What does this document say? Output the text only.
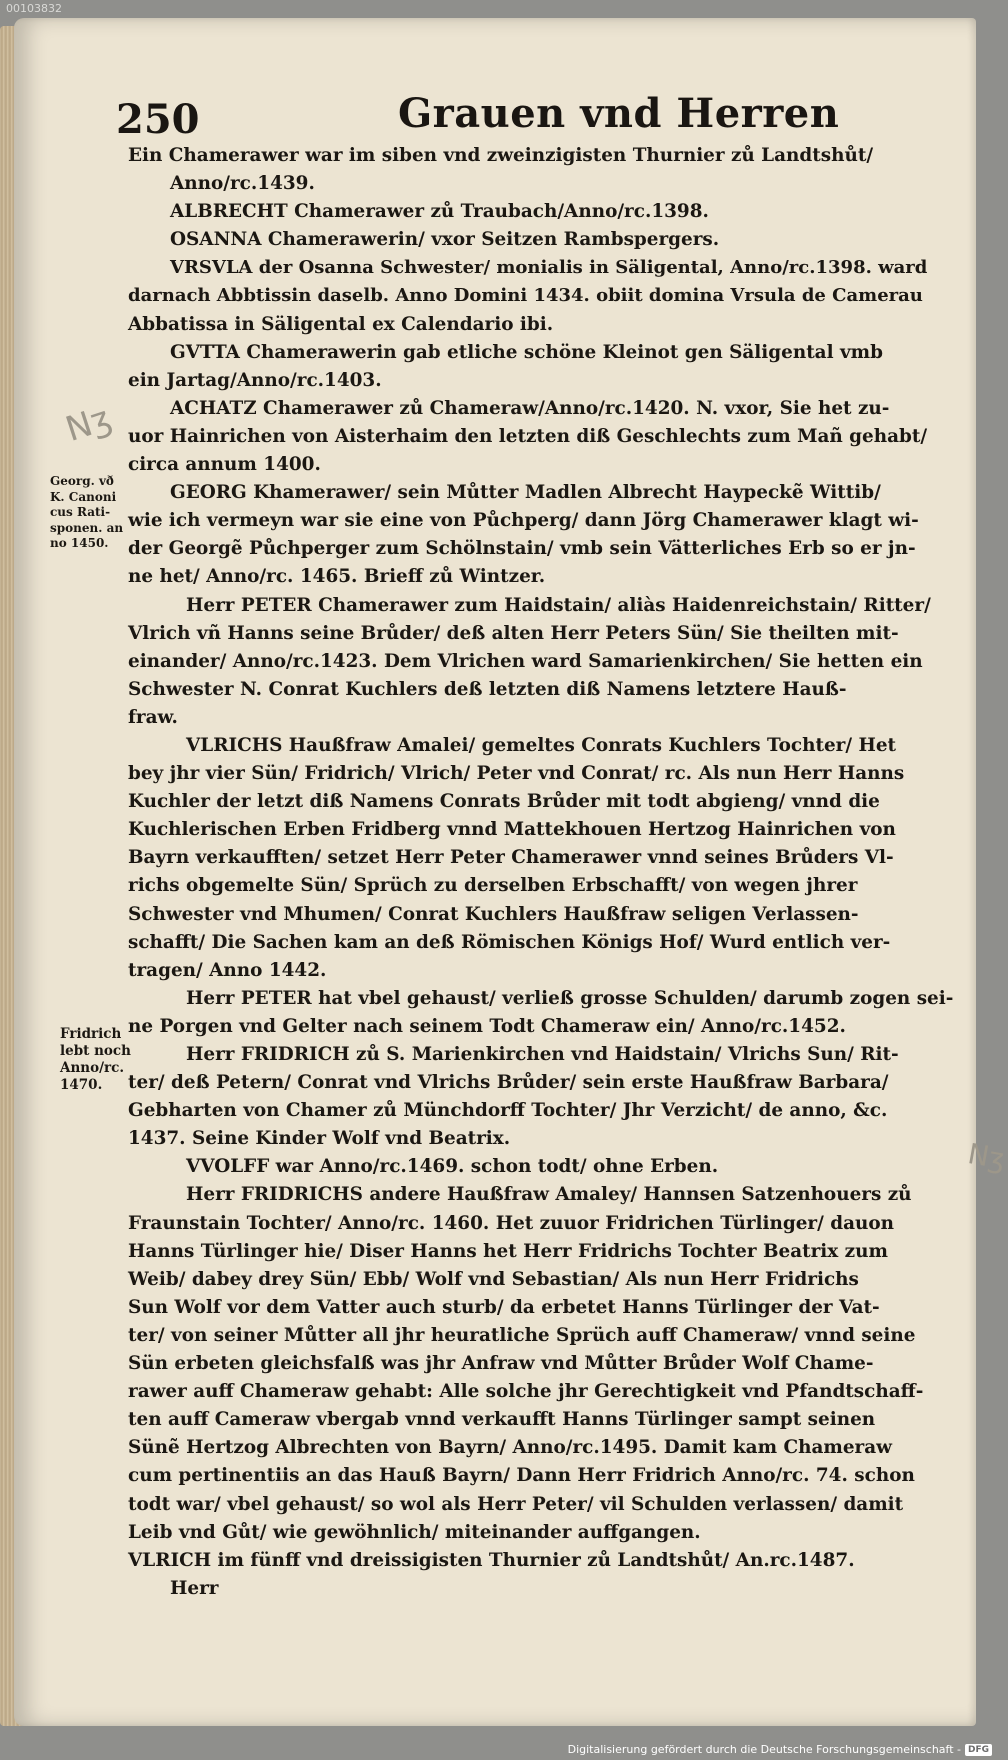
00103832
250	Grauen vnd Herren
Nʒ
Nʒ
Georg. vð
K. Canoni
cus Rati-
sponen. an
no 1450.
Fridrich
lebt noch
Anno/rc.
1470.
Ein Chamerawer war im siben vnd zweinzigisten Thurnier zů Landtshůt/
Anno/rc.1439.
ALBRECHT Chamerawer zů Traubach/Anno/rc.1398.
OSANNA Chamerawerin/ vxor Seitzen Rambspergers.
VRSVLA der Osanna Schwester/ monialis in Säligental, Anno/rc.1398. ward
darnach Abbtissin daselb. Anno Domini 1434. obiit domina Vrsula de Camerau
Abbatissa in Säligental ex Calendario ibi.
GVTTA Chamerawerin gab etliche schöne Kleinot gen Säligental vmb
ein Jartag/Anno/rc.1403.
ACHATZ Chamerawer zů Chameraw/Anno/rc.1420. N. vxor, Sie het zu-
uor Hainrichen von Aisterhaim den letzten diß Geschlechts zum Mañ gehabt/
circa annum 1400.
GEORG Khamerawer/ sein Můtter Madlen Albrecht Haypeckẽ Wittib/
wie ich vermeyn war sie eine von Půchperg/ dann Jörg Chamerawer klagt wi-
der Georgẽ Půchperger zum Schölnstain/ vmb sein Vätterliches Erb so er jn-
ne het/ Anno/rc. 1465. Brieff zů Wintzer.
Herr PETER Chamerawer zum Haidstain/ aliàs Haidenreichstain/ Ritter/
Vlrich vñ Hanns seine Brůder/ deß alten Herr Peters Sün/ Sie theilten mit-
einander/ Anno/rc.1423. Dem Vlrichen ward Samarienkirchen/ Sie hetten ein
Schwester N. Conrat Kuchlers deß letzten diß Namens letztere Hauß-
fraw.
VLRICHS Haußfraw Amalei/ gemeltes Conrats Kuchlers Tochter/ Het
bey jhr vier Sün/ Fridrich/ Vlrich/ Peter vnd Conrat/ rc. Als nun Herr Hanns
Kuchler der letzt diß Namens Conrats Brůder mit todt abgieng/ vnnd die
Kuchlerischen Erben Fridberg vnnd Mattekhouen Hertzog Hainrichen von
Bayrn verkaufften/ setzet Herr Peter Chamerawer vnnd seines Brůders Vl-
richs obgemelte Sün/ Sprüch zu derselben Erbschafft/ von wegen jhrer
Schwester vnd Mhumen/ Conrat Kuchlers Haußfraw seligen Verlassen-
schafft/ Die Sachen kam an deß Römischen Königs Hof/ Wurd entlich ver-
tragen/ Anno 1442.
Herr PETER hat vbel gehaust/ verließ grosse Schulden/ darumb zogen sei-
ne Porgen vnd Gelter nach seinem Todt Chameraw ein/ Anno/rc.1452.
Herr FRIDRICH zů S. Marienkirchen vnd Haidstain/ Vlrichs Sun/ Rit-
ter/ deß Petern/ Conrat vnd Vlrichs Brůder/ sein erste Haußfraw Barbara/
Gebharten von Chamer zů Münchdorff Tochter/ Jhr Verzicht/ de anno, &c.
1437. Seine Kinder Wolf vnd Beatrix.
VVOLFF war Anno/rc.1469. schon todt/ ohne Erben.
Herr FRIDRICHS andere Haußfraw Amaley/ Hannsen Satzenhouers zů
Fraunstain Tochter/ Anno/rc. 1460. Het zuuor Fridrichen Türlinger/ dauon
Hanns Türlinger hie/ Diser Hanns het Herr Fridrichs Tochter Beatrix zum
Weib/ dabey drey Sün/ Ebb/ Wolf vnd Sebastian/ Als nun Herr Fridrichs
Sun Wolf vor dem Vatter auch sturb/ da erbetet Hanns Türlinger der Vat-
ter/ von seiner Můtter all jhr heuratliche Sprüch auff Chameraw/ vnnd seine
Sün erbeten gleichsfalß was jhr Anfraw vnd Můtter Brůder Wolf Chame-
rawer auff Chameraw gehabt: Alle solche jhr Gerechtigkeit vnd Pfandtschaff-
ten auff Cameraw vbergab vnnd verkaufft Hanns Türlinger sampt seinen
Sünẽ Hertzog Albrechten von Bayrn/ Anno/rc.1495. Damit kam Chameraw
cum pertinentiis an das Hauß Bayrn/ Dann Herr Fridrich Anno/rc. 74. schon
todt war/ vbel gehaust/ so wol als Herr Peter/ vil Schulden verlassen/ damit
Leib vnd Gůt/ wie gewöhnlich/ miteinander auffgangen.
VLRICH im fünff vnd dreissigisten Thurnier zů Landtshůt/ An.rc.1487.
Herr
Digitalisierung gefördert durch die Deutsche Forschungsgemeinschaft - DFG
